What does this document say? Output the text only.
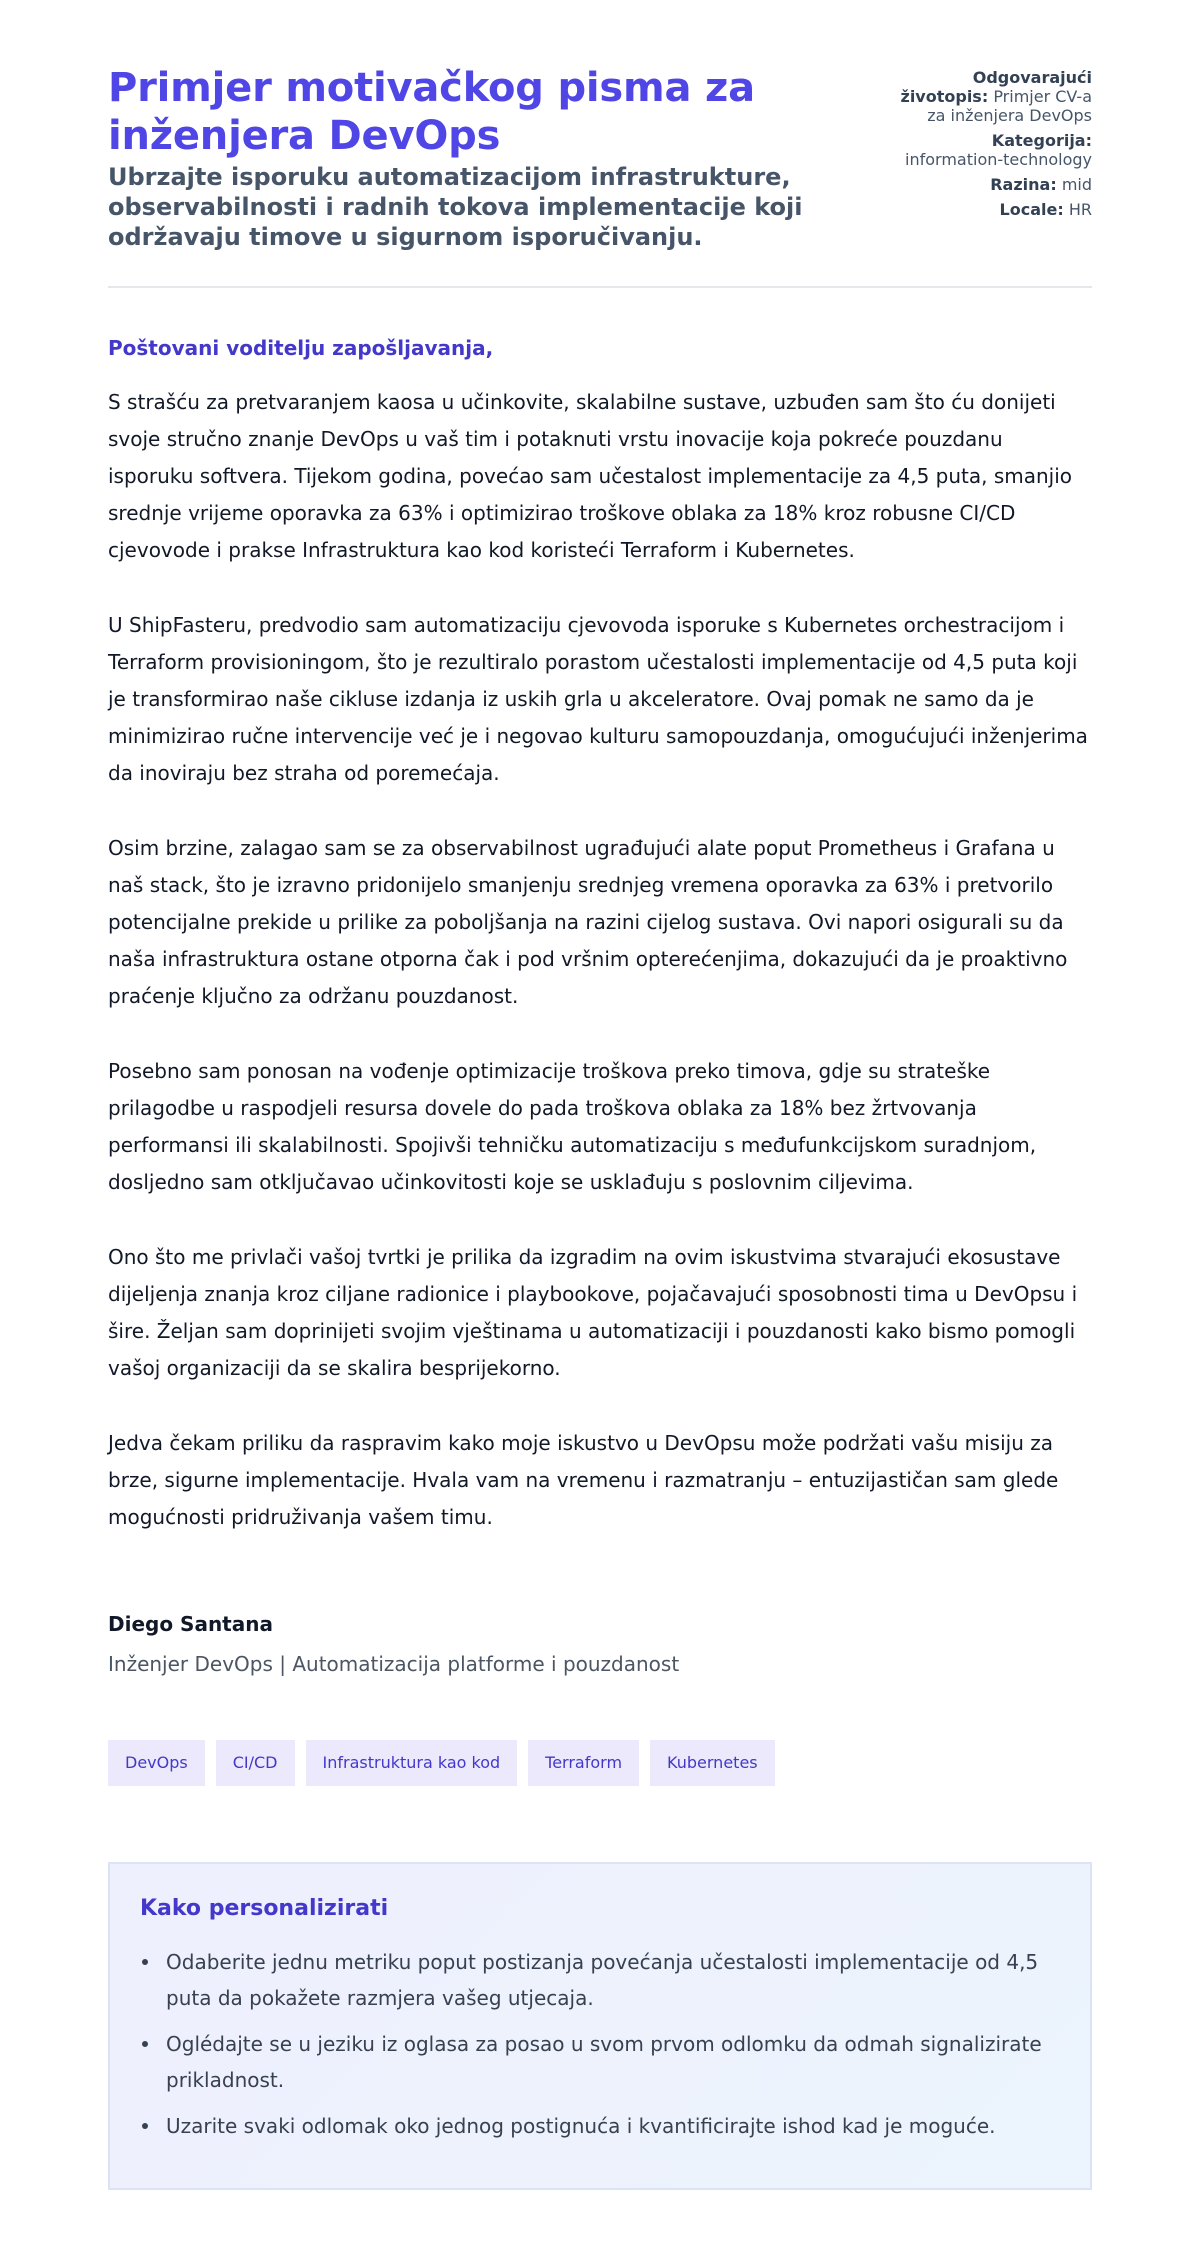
Primjer motivačkog pisma za inženjera DevOps

Ubrzajte isporuku automatizacijom infrastrukture, observabilnosti i radnih tokova implementacije koji održavaju timove u sigurnom isporučivanju.

Odgovarajući životopis: Primjer CV-a za inženjera DevOps
Kategorija: information-technology
Razina: mid
Locale: HR

Poštovani voditelju zapošljavanja,

S strašću za pretvaranjem kaosa u učinkovite, skalabilne sustave, uzbuđen sam što ću donijeti svoje stručno znanje DevOps u vaš tim i potaknuti vrstu inovacije koja pokreće pouzdanu isporuku softvera. Tijekom godina, povećao sam učestalost implementacije za 4,5 puta, smanjio srednje vrijeme oporavka za 63% i optimizirao troškove oblaka za 18% kroz robusne CI/CD cjevovode i prakse Infrastruktura kao kod koristeći Terraform i Kubernetes.

U ShipFasteru, predvodio sam automatizaciju cjevovoda isporuke s Kubernetes orchestracijom i Terraform provisioningom, što je rezultiralo porastom učestalosti implementacije od 4,5 puta koji je transformirao naše cikluse izdanja iz uskih grla u akceleratore. Ovaj pomak ne samo da je minimizirao ručne intervencije već je i negovao kulturu samopouzdanja, omogućujući inženjerima da inoviraju bez straha od poremećaja.

Osim brzine, zalagao sam se za observabilnost ugrađujući alate poput Prometheus i Grafana u naš stack, što je izravno pridonijelo smanjenju srednjeg vremena oporavka za 63% i pretvorilo potencijalne prekide u prilike za poboljšanja na razini cijelog sustava. Ovi napori osigurali su da naša infrastruktura ostane otporna čak i pod vršnim opterećenjima, dokazujući da je proaktivno praćenje ključno za održanu pouzdanost.

Posebno sam ponosan na vođenje optimizacije troškova preko timova, gdje su strateške prilagodbe u raspodjeli resursa dovele do pada troškova oblaka za 18% bez žrtvovanja performansi ili skalabilnosti. Spojivši tehničku automatizaciju s međufunkcijskom suradnjom, dosljedno sam otključavao učinkovitosti koje se usklađuju s poslovnim ciljevima.

Ono što me privlači vašoj tvrtki je prilika da izgradim na ovim iskustvima stvarajući ekosustave dijeljenja znanja kroz ciljane radionice i playbookove, pojačavajući sposobnosti tima u DevOpsu i šire. Željan sam doprinijeti svojim vještinama u automatizaciji i pouzdanosti kako bismo pomogli vašoj organizaciji da se skalira besprijekorno.

Jedva čekam priliku da raspravim kako moje iskustvo u DevOpsu može podržati vašu misiju za brze, sigurne implementacije. Hvala vam na vremenu i razmatranju – entuzijastičan sam glede mogućnosti pridruživanja vašem timu.

Diego Santana

Inženjer DevOps | Automatizacija platforme i pouzdanost

DevOps	CI/CD	Infrastruktura kao kod	Terraform	Kubernetes
Kako personalizirati
Odaberite jednu metriku poput postizanja povećanja učestalosti implementacije od 4,5 puta da pokažete razmjera vašeg utjecaja.
Oglédajte se u jeziku iz oglasa za posao u svom prvom odlomku da odmah signalizirate prikladnost.
Uzarite svaki odlomak oko jednog postignuća i kvantificirajte ishod kad je moguće.
